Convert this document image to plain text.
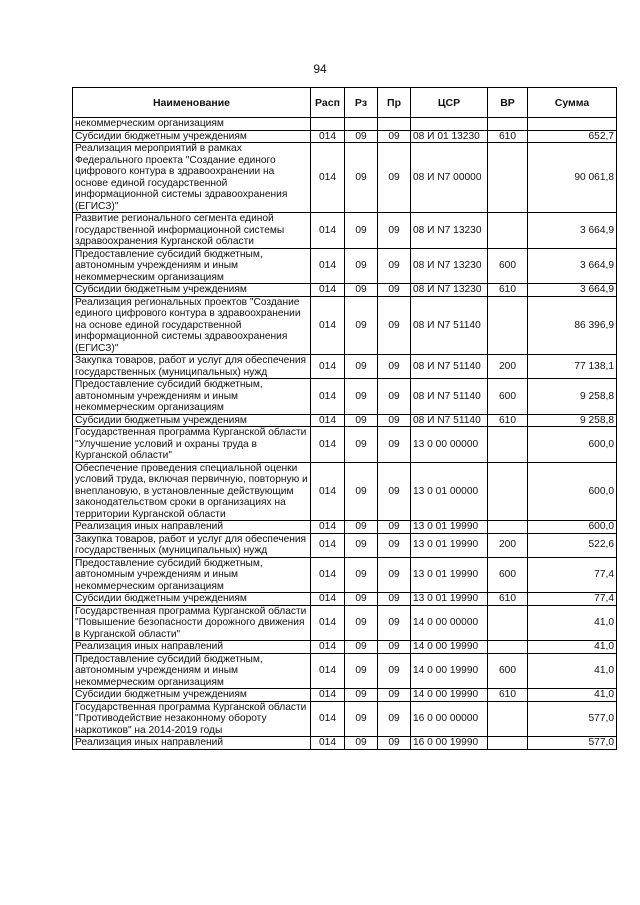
94
Наименование	Расп	Рз	Пр	ЦСР	ВР	Сумма
некоммерческим организациям						
Субсидии бюджетным учреждениям	014	09	09	08 И 01 13230	610	652,7
Реализация мероприятий в рамках Федерального проекта "Создание единого цифрового контура в здравоохранении на основе единой государственной информационной системы здравоохранения (ЕГИСЗ)"	014	09	09	08 И N7 00000		90 061,8
Развитие регионального сегмента единой государственной информационной системы здравоохранения Курганской области	014	09	09	08 И N7 13230		3 664,9
Предоставление субсидий бюджетным, автономным учреждениям и иным некоммерческим организациям	014	09	09	08 И N7 13230	600	3 664,9
Субсидии бюджетным учреждениям	014	09	09	08 И N7 13230	610	3 664,9
Реализация региональных проектов "Создание единого цифрового контура в здравоохранении на основе единой государственной информационной системы здравоохранения (ЕГИСЗ)"	014	09	09	08 И N7 51140		86 396,9
Закупка товаров, работ и услуг для обеспечения государственных (муниципальных) нужд	014	09	09	08 И N7 51140	200	77 138,1
Предоставление субсидий бюджетным, автономным учреждениям и иным некоммерческим организациям	014	09	09	08 И N7 51140	600	9 258,8
Субсидии бюджетным учреждениям	014	09	09	08 И N7 51140	610	9 258,8
Государственная программа Курганской области "Улучшение условий и охраны труда в Курганской области"	014	09	09	13 0 00 00000		600,0
Обеспечение проведения специальной оценки условий труда, включая первичную, повторную и внеплановую, в установленные действующим законодательством сроки в организациях на территории Курганской области	014	09	09	13 0 01 00000		600,0
Реализация иных направлений	014	09	09	13 0 01 19990		600,0
Закупка товаров, работ и услуг для обеспечения государственных (муниципальных) нужд	014	09	09	13 0 01 19990	200	522,6
Предоставление субсидий бюджетным, автономным учреждениям и иным некоммерческим организациям	014	09	09	13 0 01 19990	600	77,4
Субсидии бюджетным учреждениям	014	09	09	13 0 01 19990	610	77,4
Государственная программа Курганской области "Повышение безопасности дорожного движения в Курганской области"	014	09	09	14 0 00 00000		41,0
Реализация иных направлений	014	09	09	14 0 00 19990		41,0
Предоставление субсидий бюджетным, автономным учреждениям и иным некоммерческим организациям	014	09	09	14 0 00 19990	600	41,0
Субсидии бюджетным учреждениям	014	09	09	14 0 00 19990	610	41,0
Государственная программа Курганской области "Противодействие незаконному обороту наркотиков" на 2014-2019 годы	014	09	09	16 0 00 00000		577,0
Реализация иных направлений	014	09	09	16 0 00 19990		577,0
